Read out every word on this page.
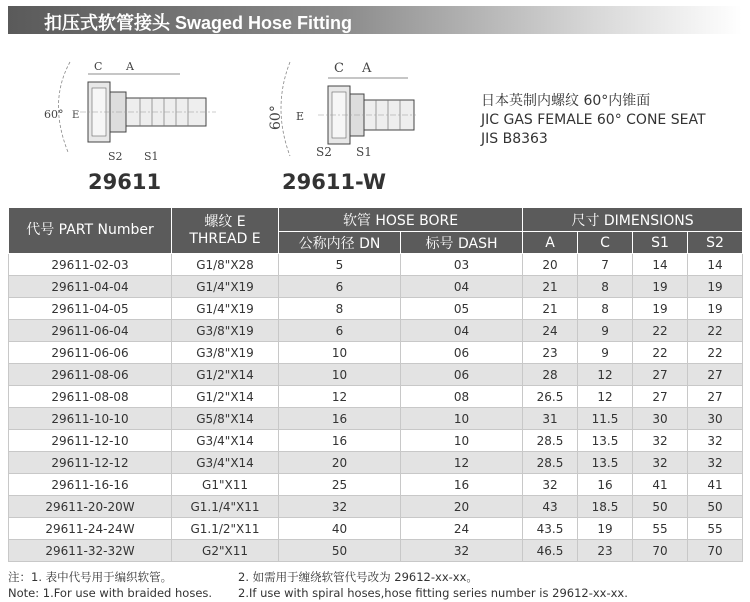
扣压式软管接头 Swaged Hose Fitting
60°
C A
E
S2 S1
29611
60°
C A
E
S2 S1
29611-W
日本英制内螺纹 60°内锥面
JIC GAS FEMALE 60° CONE SEAT
JIS B8363
代号 PART Number	螺纹 E
THREAD E	软管 HOSE BORE		尺寸 DIMENSIONS			
		公称内径 DN	标号 DASH	A	C	S1	S2
29611-02-03	G1/8"X28	5	03	20	7	14	14
29611-04-04	G1/4"X19	6	04	21	8	19	19
29611-04-05	G1/4"X19	8	05	21	8	19	19
29611-06-04	G3/8"X19	6	04	24	9	22	22
29611-06-06	G3/8"X19	10	06	23	9	22	22
29611-08-06	G1/2"X14	10	06	28	12	27	27
29611-08-08	G1/2"X14	12	08	26.5	12	27	27
29611-10-10	G5/8"X14	16	10	31	11.5	30	30
29611-12-10	G3/4"X14	16	10	28.5	13.5	32	32
29611-12-12	G3/4"X14	20	12	28.5	13.5	32	32
29611-16-16	G1"X11	25	16	32	16	41	41
29611-20-20W	G1.1/4"X11	32	20	43	18.5	50	50
29611-24-24W	G1.1/2"X11	40	24	43.5	19	55	55
29611-32-32W	G2"X11	50	32	46.5	23	70	70
注：1. 表中代号用于编织软管。	2. 如需用于缠绕软管代号改为 29612-xx-xx。
Note: 1.For use with braided hoses. 2.If use with spiral hoses,hose fitting series number is 29612-xx-xx.
